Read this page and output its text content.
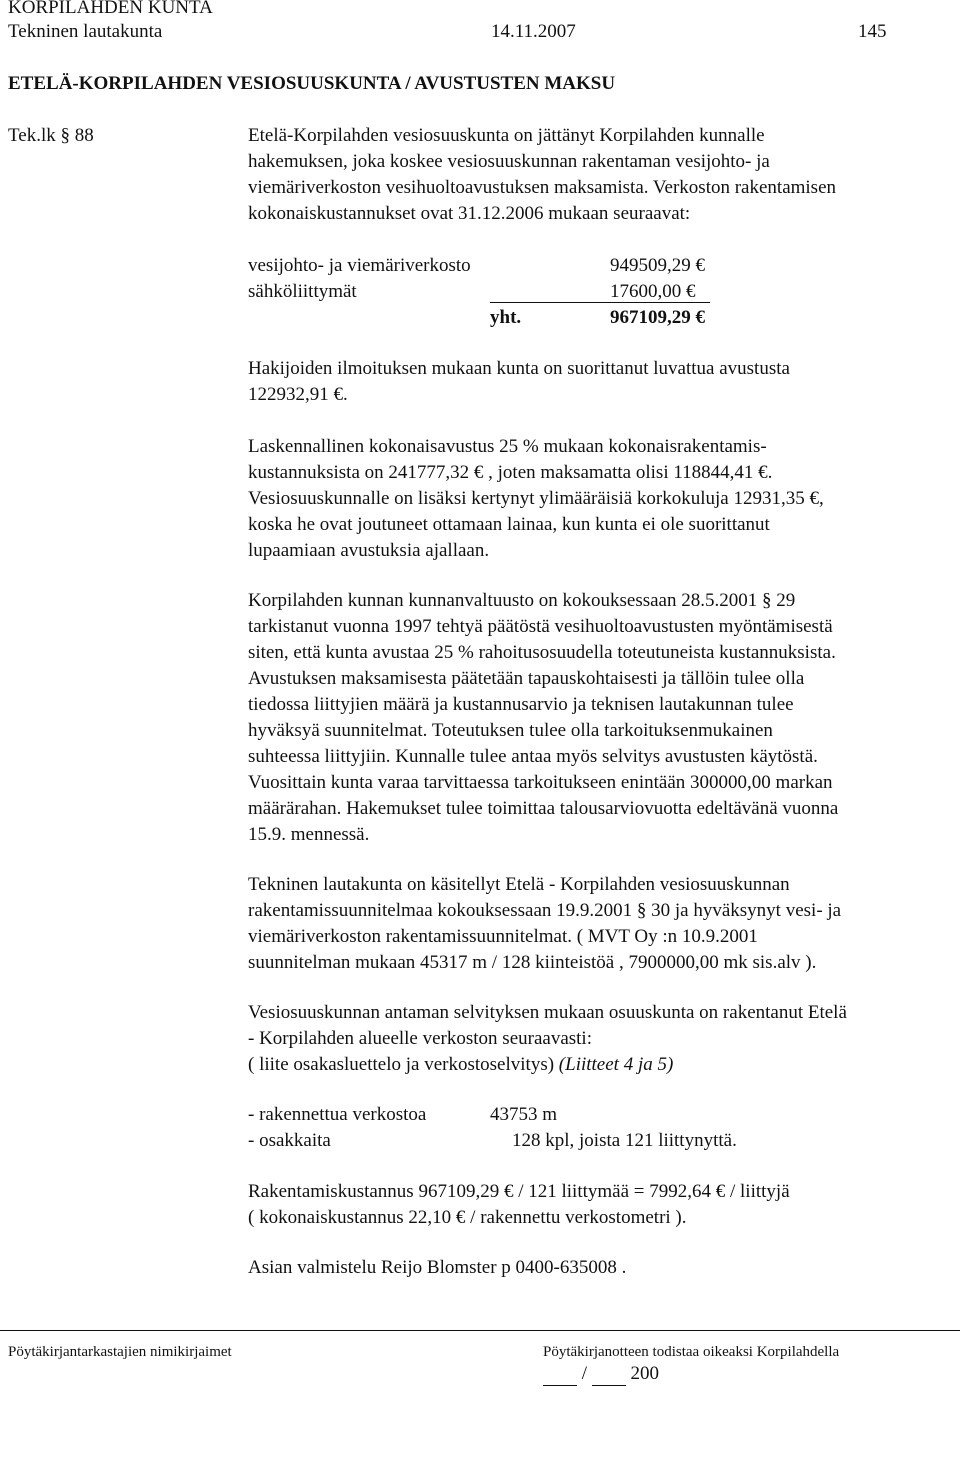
KORPILAHDEN KUNTA
Tekninen lautakunta	14.11.2007	145
ETELÄ-KORPILAHDEN VESIOSUUSKUNTA / AVUSTUSTEN MAKSU
Tek.lk § 88	Etelä-Korpilahden vesiosuuskunta on jättänyt Korpilahden kunnalle
hakemuksen, joka koskee vesiosuuskunnan rakentaman vesijohto- ja
viemäriverkoston vesihuoltoavustuksen maksamista. Verkoston rakentamisen
kokonaiskustannukset ovat 31.12.2006 mukaan seuraavat:
vesijohto- ja viemäriverkosto	949509,29 €
sähköliittymät	17600,00 €
yht.	967109,29 €
Hakijoiden ilmoituksen mukaan kunta on suorittanut luvattua avustusta
122932,91 €.
Laskennallinen kokonaisavustus 25 % mukaan kokonaisrakentamis-
kustannuksista on 241777,32 € , joten maksamatta olisi 118844,41 €.
Vesiosuuskunnalle on lisäksi kertynyt ylimääräisiä korkokuluja 12931,35 €,
koska he ovat joutuneet ottamaan lainaa, kun kunta ei ole suorittanut
lupaamiaan avustuksia ajallaan.
Korpilahden kunnan kunnanvaltuusto on kokouksessaan 28.5.2001 § 29
tarkistanut vuonna 1997 tehtyä päätöstä vesihuoltoavustusten myöntämisestä
siten, että kunta avustaa 25 % rahoitusosuudella toteutuneista kustannuksista.
Avustuksen maksamisesta päätetään tapauskohtaisesti ja tällöin tulee olla
tiedossa liittyjien määrä ja kustannusarvio ja teknisen lautakunnan tulee
hyväksyä suunnitelmat. Toteutuksen tulee olla tarkoituksenmukainen
suhteessa liittyjiin. Kunnalle tulee antaa myös selvitys avustusten käytöstä.
Vuosittain kunta varaa tarvittaessa tarkoitukseen enintään 300000,00 markan
määrärahan. Hakemukset tulee toimittaa talousarviovuotta edeltävänä vuonna
15.9. mennessä.
Tekninen lautakunta on käsitellyt Etelä - Korpilahden vesiosuuskunnan
rakentamissuunnitelmaa kokouksessaan 19.9.2001 § 30 ja hyväksynyt vesi- ja
viemäriverkoston rakentamissuunnitelmat. ( MVT Oy :n 10.9.2001
suunnitelman mukaan 45317 m / 128 kiinteistöä , 7900000,00 mk sis.alv ).
Vesiosuuskunnan antaman selvityksen mukaan osuuskunta on rakentanut Etelä
- Korpilahden alueelle verkoston seuraavasti:
( liite osakasluettelo ja verkostoselvitys) (Liitteet 4 ja 5)
- rakennettua verkostoa	43753 m
- osakkaita	128 kpl, joista 121 liittynyttä.
Rakentamiskustannus 967109,29 € / 121 liittymää = 7992,64 € / liittyjä
( kokonaiskustannus 22,10 € / rakennettu verkostometri ).
Asian valmistelu Reijo Blomster p 0400-635008 .
Pöytäkirjantarkastajien nimikirjaimet	Pöytäkirjanotteen todistaa oikeaksi Korpilahdella
/ 200
